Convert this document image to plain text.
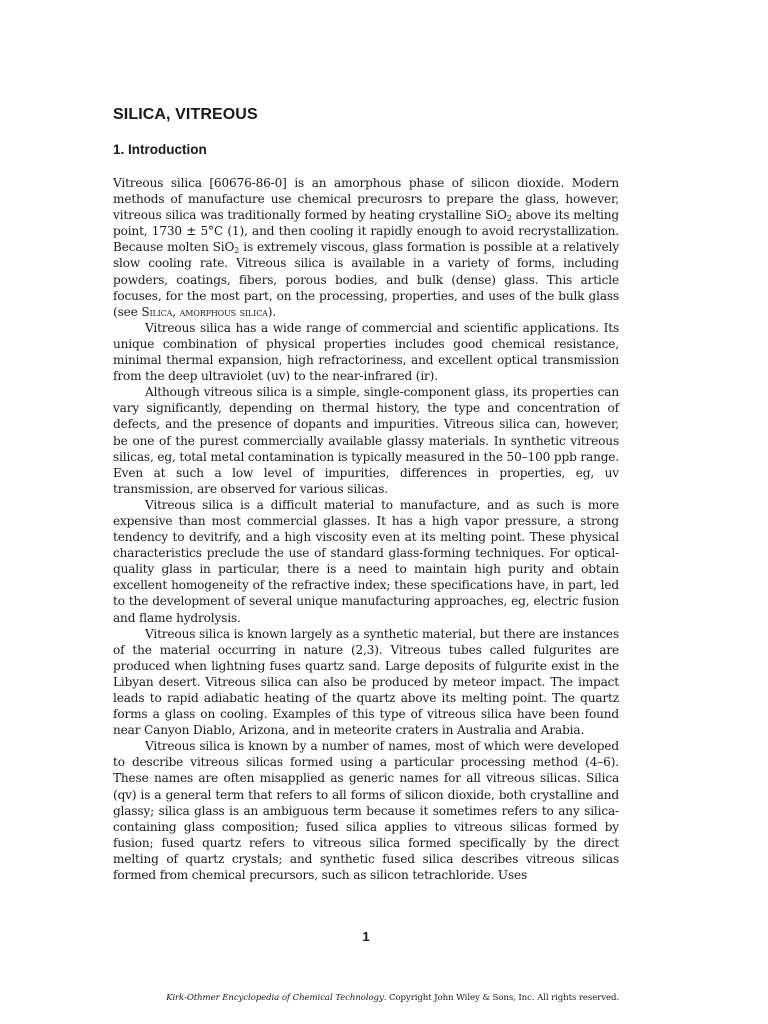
SILICA, VITREOUS
1. Introduction

Vitreous silica [60676-86-0] is an amorphous phase of silicon dioxide. Modern methods of manufacture use chemical precurosrs to prepare the glass, however, vitreous silica was traditionally formed by heating crystalline SiO$_2$ above its melting point, 1730 ± 5°C (1), and then cooling it rapidly enough to avoid recrystallization. Because molten SiO$_2$ is extremely viscous, glass formation is possible at a relatively slow cooling rate. Vitreous silica is available in a variety of forms, including powders, coatings, fibers, porous bodies, and bulk (dense) glass. This article focuses, for the most part, on the processing, properties, and uses of the bulk glass (see Silica, amorphous silica).

Vitreous silica has a wide range of commercial and scientific applications. Its unique combination of physical properties includes good chemical resistance, minimal thermal expansion, high refractoriness, and excellent optical transmission from the deep ultraviolet (uv) to the near-infrared (ir).

Although vitreous silica is a simple, single-component glass, its properties can vary significantly, depending on thermal history, the type and concentration of defects, and the presence of dopants and impurities. Vitreous silica can, however, be one of the purest commercially available glassy materials. In synthetic vitreous silicas, eg, total metal contamination is typically measured in the 50–100 ppb range. Even at such a low level of impurities, differences in properties, eg, uv transmission, are observed for various silicas.

Vitreous silica is a difficult material to manufacture, and as such is more expensive than most commercial glasses. It has a high vapor pressure, a strong tendency to devitrify, and a high viscosity even at its melting point. These physical characteristics preclude the use of standard glass-forming techniques. For optical-quality glass in particular, there is a need to maintain high purity and obtain excellent homogeneity of the refractive index; these specifications have, in part, led to the development of several unique manufacturing approaches, eg, electric fusion and flame hydrolysis.

Vitreous silica is known largely as a synthetic material, but there are instances of the material occurring in nature (2,3). Vitreous tubes called fulgurites are produced when lightning fuses quartz sand. Large deposits of fulgurite exist in the Libyan desert. Vitreous silica can also be produced by meteor impact. The impact leads to rapid adiabatic heating of the quartz above its melting point. The quartz forms a glass on cooling. Examples of this type of vitreous silica have been found near Canyon Diablo, Arizona, and in meteorite craters in Australia and Arabia.

Vitreous silica is known by a number of names, most of which were developed to describe vitreous silicas formed using a particular processing method (4–6). These names are often misapplied as generic names for all vitreous silicas. Silica (qv) is a general term that refers to all forms of silicon dioxide, both crystalline and glassy; silica glass is an ambiguous term because it sometimes refers to any silica-containing glass composition; fused silica applies to vitreous silicas formed by fusion; fused quartz refers to vitreous silica formed specifically by the direct melting of quartz crystals; and synthetic fused silica describes vitreous silicas formed from chemical precursors, such as silicon tetrachloride. Uses

1
Kirk-Othmer Encyclopedia of Chemical Technology. Copyright John Wiley & Sons, Inc. All rights reserved.
